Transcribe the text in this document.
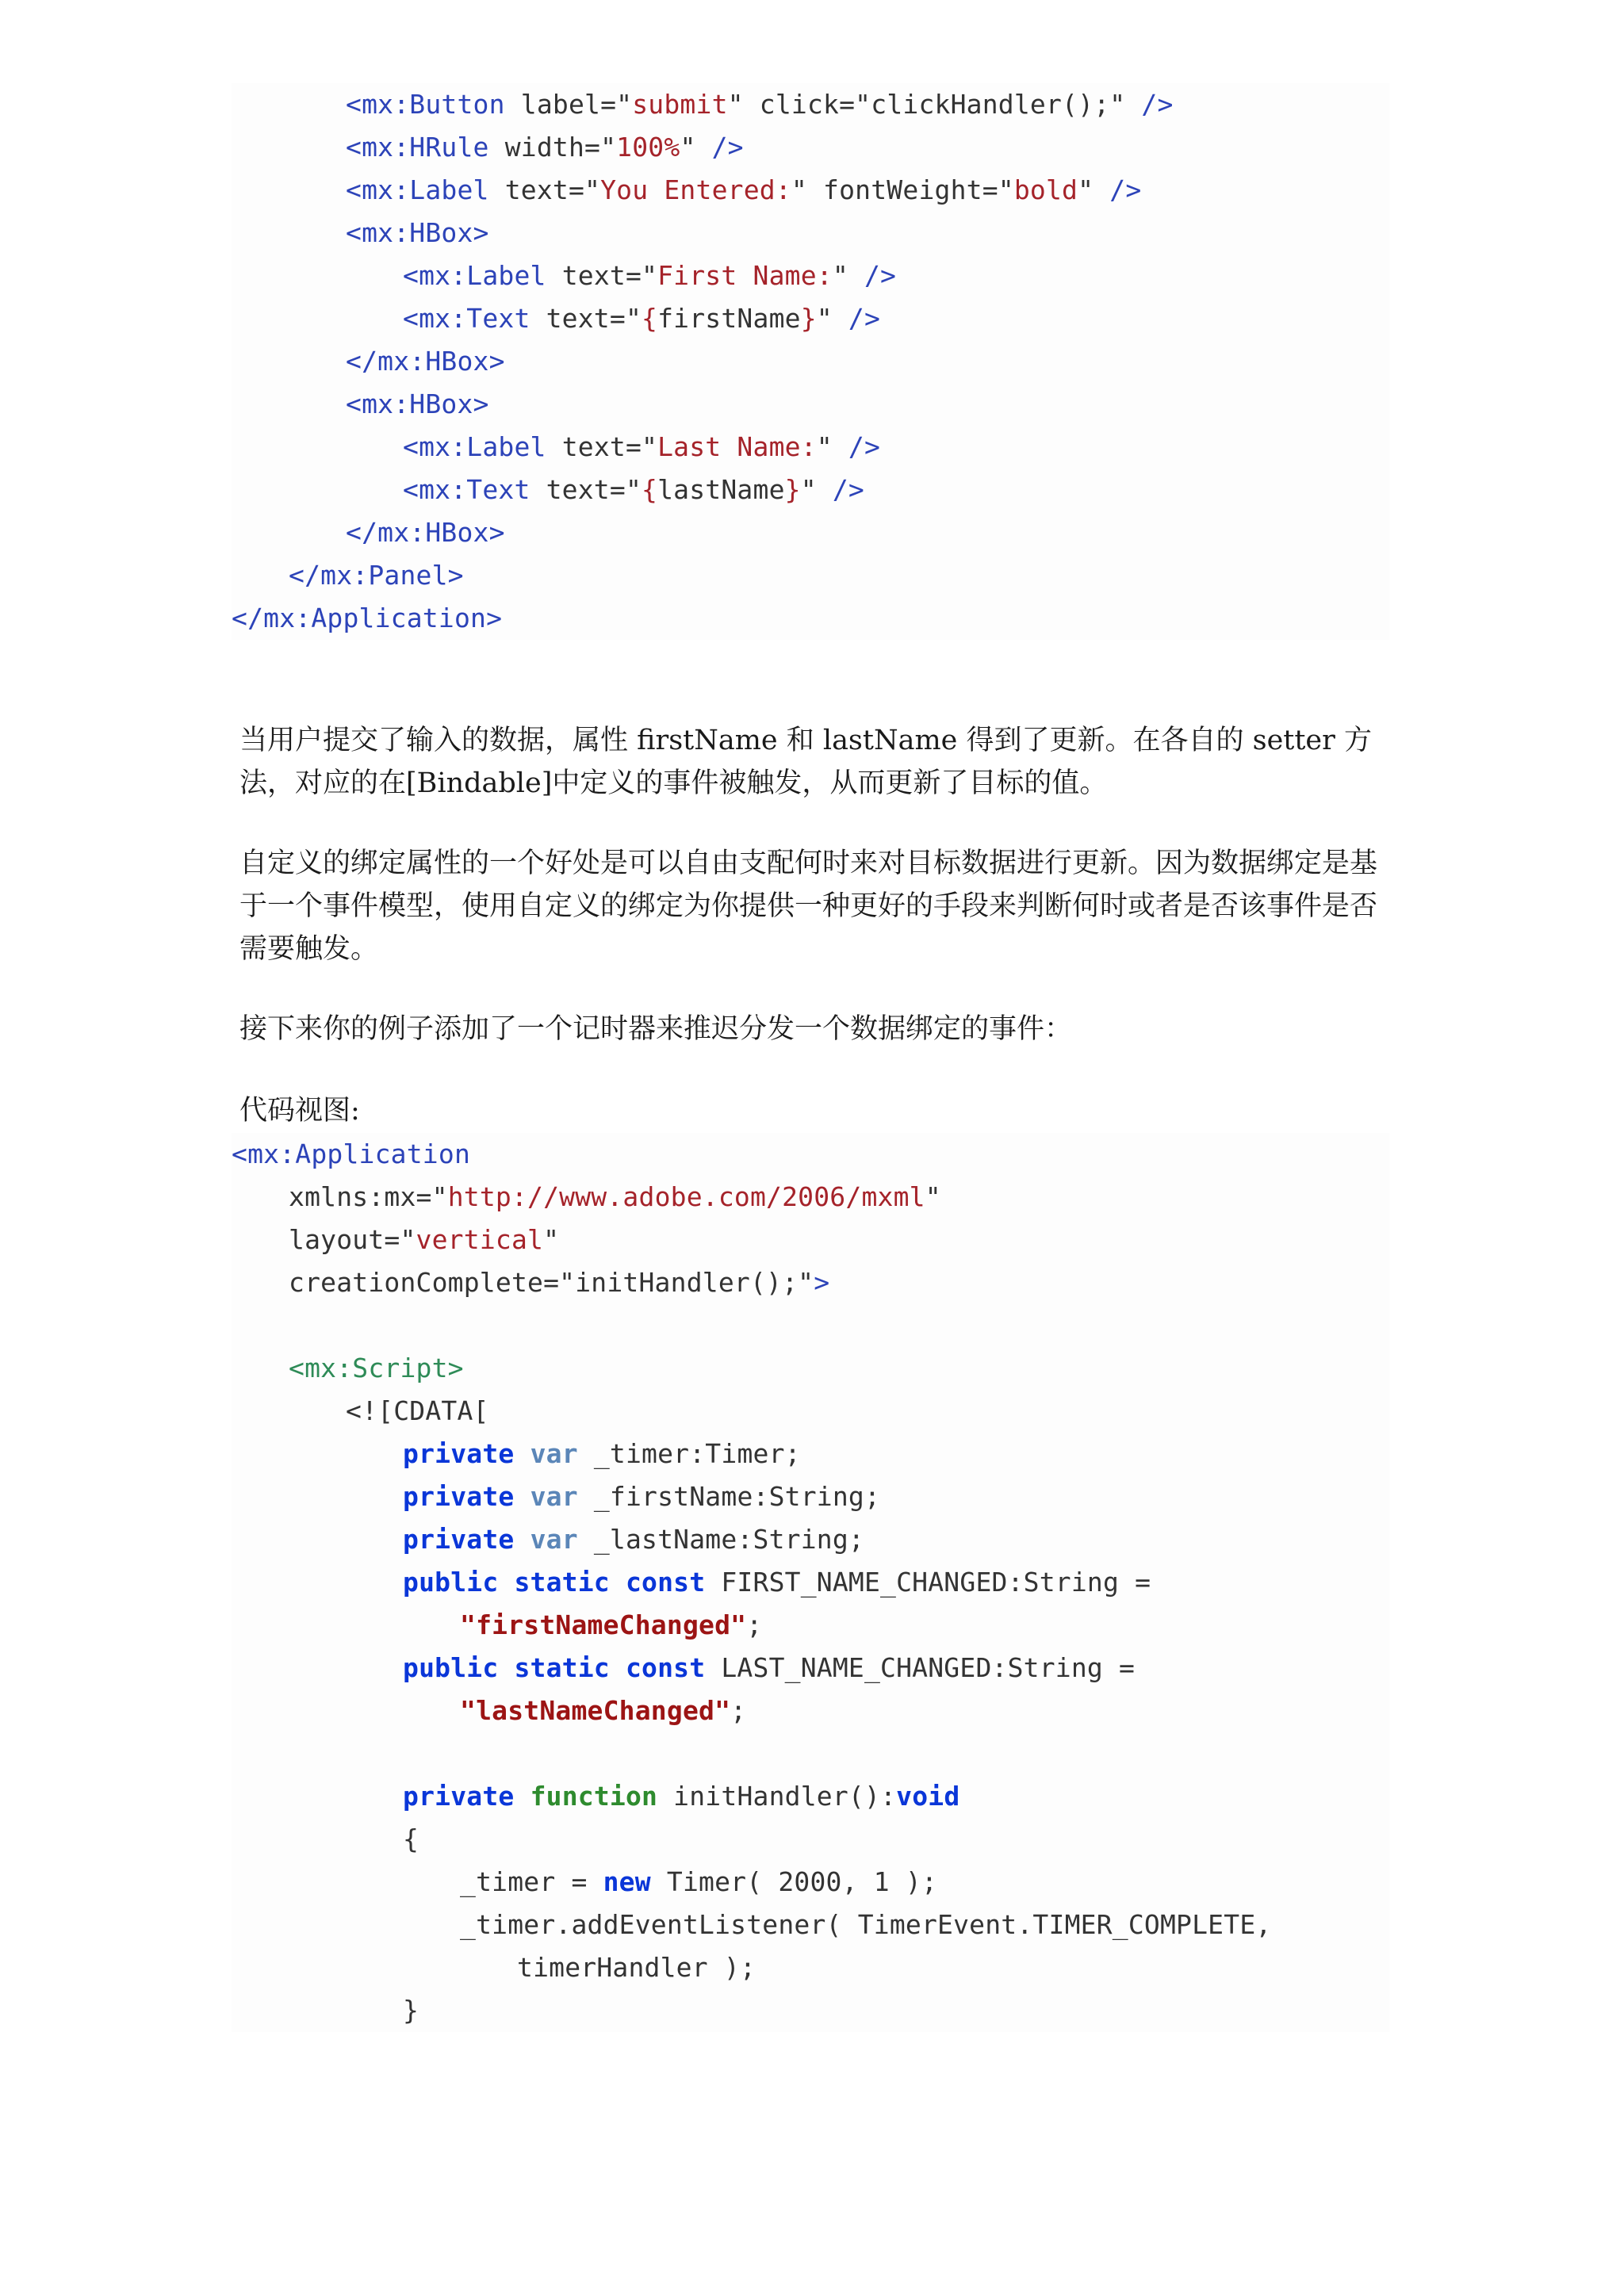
<mx:Button label="submit" click="clickHandler();" />
<mx:HRule width="100%" />
<mx:Label text="You Entered:" fontWeight="bold" />
<mx:HBox>
<mx:Label text="First Name:" />
<mx:Text text="{firstName}" />
</mx:HBox>
<mx:HBox>
<mx:Label text="Last Name:" />
<mx:Text text="{lastName}" />
</mx:HBox>
</mx:Panel>
</mx:Application>

当用户提交了输入的数据，属性 firstName 和 lastName 得到了更新。在各自的 setter 方法，对应的在[Bindable]中定义的事件被触发，从而更新了目标的值。

自定义的绑定属性的一个好处是可以自由支配何时来对目标数据进行更新。因为数据绑定是基于一个事件模型，使用自定义的绑定为你提供一种更好的手段来判断何时或者是否该事件是否需要触发。

接下来你的例子添加了一个记时器来推迟分发一个数据绑定的事件：

代码视图:

<mx:Application
xmlns:mx="http://www.adobe.com/2006/mxml"
layout="vertical"
creationComplete="initHandler();">
<mx:Script>
<![CDATA[
private var _timer:Timer;
private var _firstName:String;
private var _lastName:String;
public static const FIRST_NAME_CHANGED:String =
"firstNameChanged";
public static const LAST_NAME_CHANGED:String =
"lastNameChanged";
private function initHandler():void
{
_timer = new Timer( 2000, 1 );
_timer.addEventListener( TimerEvent.TIMER_COMPLETE,
timerHandler );
}
